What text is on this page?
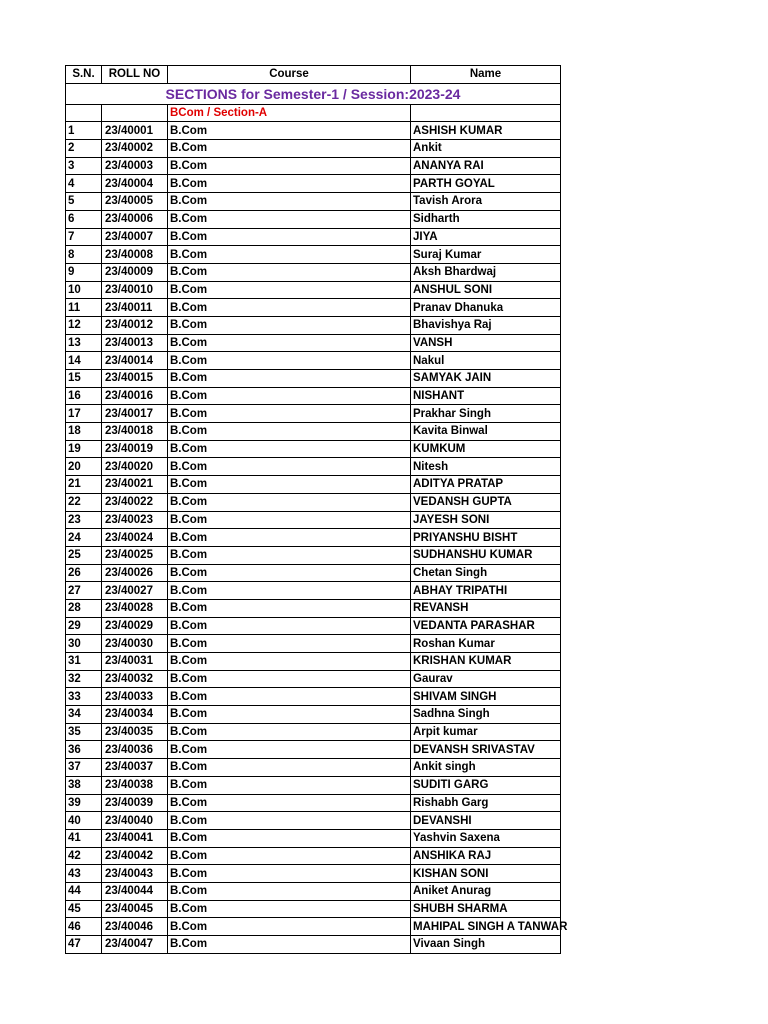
S.N.	ROLL NO	Course	Name
SECTIONS for Semester-1 / Session:2023-24			
		BCom / Section-A	
1	23/40001	B.Com	ASHISH KUMAR
2	23/40002	B.Com	Ankit
3	23/40003	B.Com	ANANYA RAI
4	23/40004	B.Com	PARTH GOYAL
5	23/40005	B.Com	Tavish Arora
6	23/40006	B.Com	Sidharth
7	23/40007	B.Com	JIYA
8	23/40008	B.Com	Suraj Kumar
9	23/40009	B.Com	Aksh Bhardwaj
10	23/40010	B.Com	ANSHUL SONI
11	23/40011	B.Com	Pranav Dhanuka
12	23/40012	B.Com	Bhavishya Raj
13	23/40013	B.Com	VANSH
14	23/40014	B.Com	Nakul
15	23/40015	B.Com	SAMYAK JAIN
16	23/40016	B.Com	NISHANT
17	23/40017	B.Com	Prakhar Singh
18	23/40018	B.Com	Kavita Binwal
19	23/40019	B.Com	KUMKUM
20	23/40020	B.Com	Nitesh
21	23/40021	B.Com	ADITYA PRATAP
22	23/40022	B.Com	VEDANSH GUPTA
23	23/40023	B.Com	JAYESH SONI
24	23/40024	B.Com	PRIYANSHU BISHT
25	23/40025	B.Com	SUDHANSHU KUMAR
26	23/40026	B.Com	Chetan Singh
27	23/40027	B.Com	ABHAY TRIPATHI
28	23/40028	B.Com	REVANSH
29	23/40029	B.Com	VEDANTA PARASHAR
30	23/40030	B.Com	Roshan Kumar
31	23/40031	B.Com	KRISHAN KUMAR
32	23/40032	B.Com	Gaurav
33	23/40033	B.Com	SHIVAM SINGH
34	23/40034	B.Com	Sadhna Singh
35	23/40035	B.Com	Arpit kumar
36	23/40036	B.Com	DEVANSH SRIVASTAV
37	23/40037	B.Com	Ankit singh
38	23/40038	B.Com	SUDITI GARG
39	23/40039	B.Com	Rishabh Garg
40	23/40040	B.Com	DEVANSHI
41	23/40041	B.Com	Yashvin Saxena
42	23/40042	B.Com	ANSHIKA RAJ
43	23/40043	B.Com	KISHAN SONI
44	23/40044	B.Com	Aniket Anurag
45	23/40045	B.Com	SHUBH SHARMA
46	23/40046	B.Com	MAHIPAL SINGH A TANWAR
47	23/40047	B.Com	Vivaan Singh
